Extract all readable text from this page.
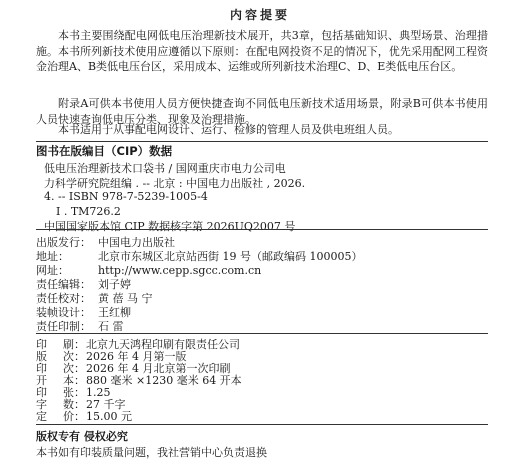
内容提要

本书主要围绕配电网低电压治理新技术展开，共3章，包括基础知识、典型场景、治理措施。本书所列新技术使用应遵循以下原则：在配电网投资不足的情况下，优先采用配网工程资金治理A、B类低电压台区，采用成本、运维或所列新技术治理C、D、E类低电压台区。

附录A可供本书使用人员方便快捷查询不同低电压新技术适用场景，附录B可供本书使用人员快速查询低电压分类、现象及治理措施。

本书适用于从事配电网设计、运行、检修的管理人员及供电班组人员。

图书在版编目（CIP）数据
低电压治理新技术口袋书 / 国网重庆市电力公司电
力科学研究院组编 . -- 北京 : 中国电力出版社 , 2026.
4. -- ISBN 978-7-5239-1005-4
Ⅰ . TM726.2
中国国家版本馆 CIP 数据核字第 2026UQ2007 号
出版发行： 中国电力出版社
地址：	北京市东城区北京站西街 19 号（邮政编码 100005）
网址：	http://www.cepp.sgcc.com.cn
责任编辑： 刘子婷
责任校对： 黄 蓓 马 宁
装帧设计： 王红柳
责任印制： 石 雷
印刷：北京九天鸿程印刷有限责任公司
版次：2026 年 4 月第一版
印次：2026 年 4 月北京第一次印刷
开本：880 毫米 ×1230 毫米 64 开本
印张：1.25
字数：27 千字
定价：15.00 元
版权专有 侵权必究
本书如有印装质量问题，我社营销中心负责退换
